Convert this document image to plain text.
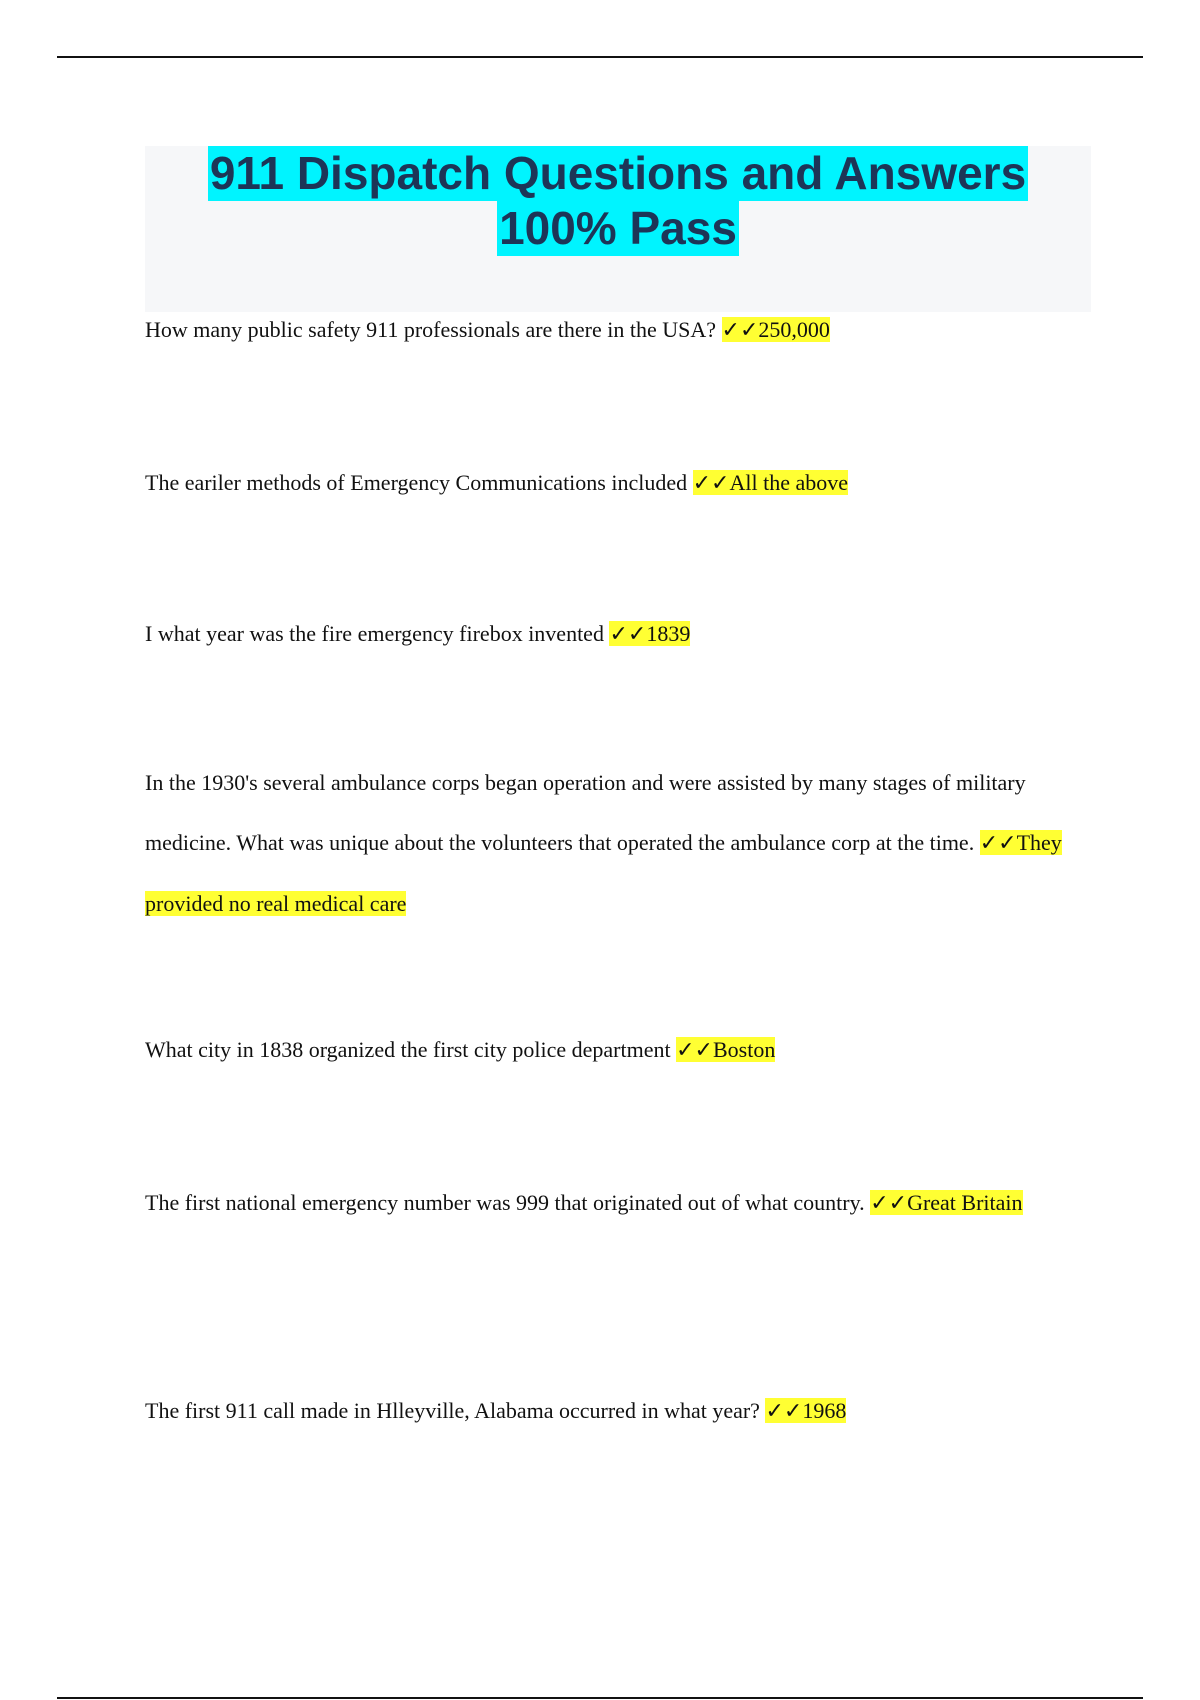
911 Dispatch Questions and Answers
100% Pass

How many public safety 911 professionals are there in the USA? ✓✓250,000

The eariler methods of Emergency Communications included ✓✓All the above

I what year was the fire emergency firebox invented ✓✓1839

In the 1930's several ambulance corps began operation and were assisted by many stages of military medicine. What was unique about the volunteers that operated the ambulance corp at the time. ✓✓They provided no real medical care

What city in 1838 organized the first city police department ✓✓Boston

The first national emergency number was 999 that originated out of what country. ✓✓Great Britain

The first 911 call made in Hlleyville, Alabama occurred in what year? ✓✓1968
